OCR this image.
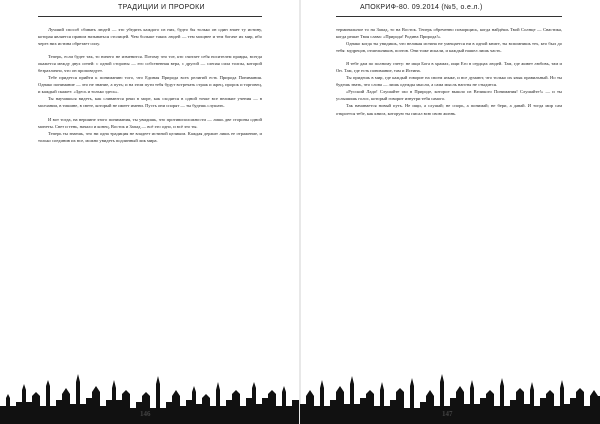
ТРАДИЦИИ И ПРОРОКИ

Лучший способ сбивать людей — это убедить каждого из них, будто бы только он один знает ту истину, которая является правом называться столицей. Чем больше таких людей — тем мощнее и тем богаче их мир, ибо через них истина обретает силу.

Теперь, если будет так, то ничего не изменится. Потому что тот, кто считает себя носителем правды, всегда окажется между двух огней: с одной стороны — его собственная вера, с другой — слепая сила толпы, которой безразлично, что он проповедует.

Тебе придется прийти к пониманию того, что Единая Природа всех религий есть Природа Понимания. Однако понимание — это не знание, а путь; и на этом пути тебя будут встречать страж и жрец, пророк и торговец, и каждый скажет: «Здесь и только здесь».

Ты научишься видеть, как сливаются реки в море, как сходятся в одной точке все великие учения — в молчании, в тишине, в свете, который не имеет имени. Пусть они спорят — ты будешь слушать.

И вот тогда, на вершине этого понимания, ты увидишь, что противоположности — лишь две стороны одной монеты. Свет и тень, начало и конец, Восток и Запад — всё это одно, и всё это ты.

Теперь ты знаешь, что ни одна традиция не владеет истиной целиком. Каждая держит лишь ее отражение, и только соединив их все, можно увидеть подлинный лик мира.

146
АПОКРИФ-80. 09.2014 (№5, о.е.л.)

терминальное то на Запад, то на Восток. Теперь обреченно поморщись, когда найдёшь Твой Солнце — Свастика, когда решат Твоя слава: «Природа! Родина Природа!».

Однако когда ты увидишь, что великая истина не умещается ни в одной книге, ты вспомнишь тех, кто был до тебя: мудрецов, отшельников, поэтов. Они тоже искали, и каждый нашел лишь часть.

Я тебе дам по полному счету: не ищи Бога в храмах, ищи Его в сердцах людей. Там, где живет любовь, там и Он. Там, где есть понимание, там и Истина.

Ты придешь в мир, где каждый говорит на своем языке, и все думают, что только их язык правильный. Но ты будешь знать, что слова — лишь одежды мысли, а сама мысль наготы не стыдится.

«Русский Ладо! Слушайте эхо в Природе, которое вышло из Великого Понимания! Слушайте!» — и ты услышишь голос, который говорит изнутри тебя самого.

Так начинается новый путь. Не ищи, а слушай; не спорь, а понимай; не бери, а давай. И тогда мир сам откроется тебе, как книга, которую ты писал всю свою жизнь.

147
